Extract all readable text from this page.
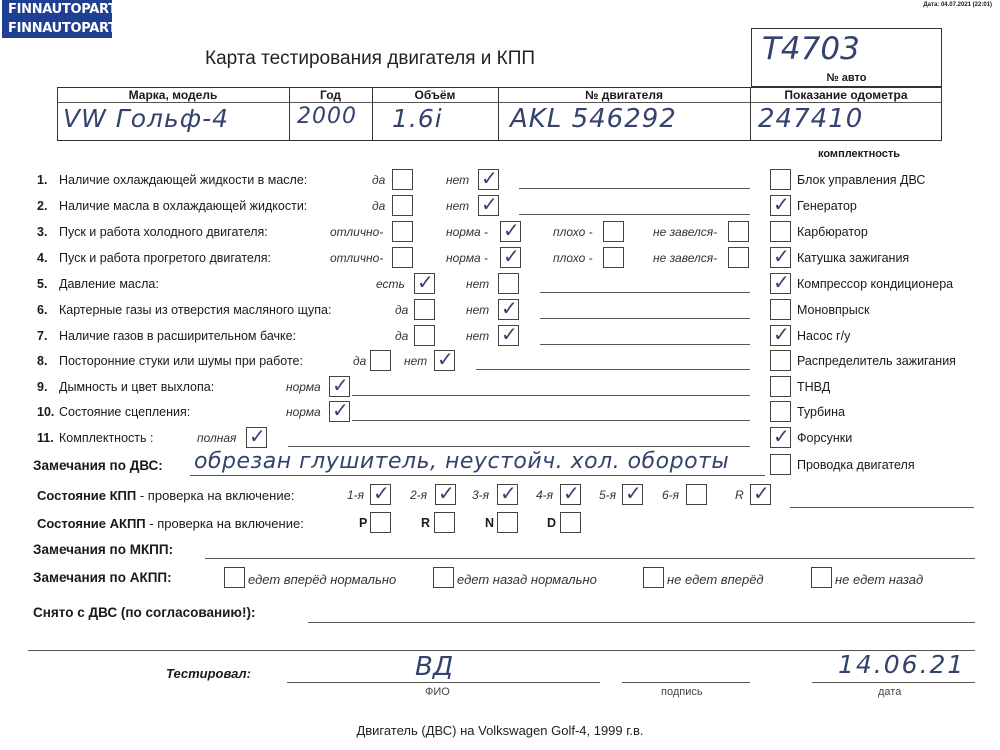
FINNAUTOPARTS
FINNAUTOPARTS
Дата: 04.07.2021 (22:01)
Карта тестирования двигателя и КПП	Т4703
№ авто
Марка, модель
VW Гольф-4
Год
2000
Объём
1.6i
№ двигателя
AKL 546292
Показание одометра
247410
комплектность
1. Наличие охлаждающей жидкости в масле:	да	нет ✓
2. Наличие масла в охлаждающей жидкости:	да	нет ✓
3. Пуск и работа холодного двигателя:	отлично-	норма - ✓	плохо -	не завелся-
4. Пуск и работа прогретого двигателя:	отлично-	норма - ✓	плохо -	не завелся-
5. Давление масла:	есть ✓	нет
6. Картерные газы из отверстия масляного щупа:	да	нет ✓
7. Наличие газов в расширительном бачке:	да	нет ✓
8. Посторонние стуки или шумы при работе:	да	нет ✓
9. Дымность и цвет выхлопа:	норма ✓
10. Состояние сцепления:	норма ✓
11. Комплектность :	полная ✓
Блок управления ДВС
✓ Генератор
Карбюратор
✓ Катушка зажигания
✓ Компрессор кондиционера
Моновпрыск
✓ Насос г/у
Распределитель зажигания
ТНВД
Турбина
✓ Форсунки
Проводка двигателя
Замечания по ДВС: обрезан глушитель, неустойч. хол. обороты
Состояние КПП - проверка на включение:	1-я ✓ 2-я ✓ 3-я ✓ 4-я ✓ 5-я ✓ 6-я	R ✓
Состояние АКПП - проверка на включение:	P	R	N	D
Замечания по МКПП:
Замечания по АКПП:	едет вперёд нормально	едет назад нормально	не едет вперёд	не едет назад
Снято с ДВС (по согласованию!):
Тестировал:	ВД
ФИО	подпись
14.06.21
дата
Двигатель (ДВС) на Volkswagen Golf-4, 1999 г.в.
